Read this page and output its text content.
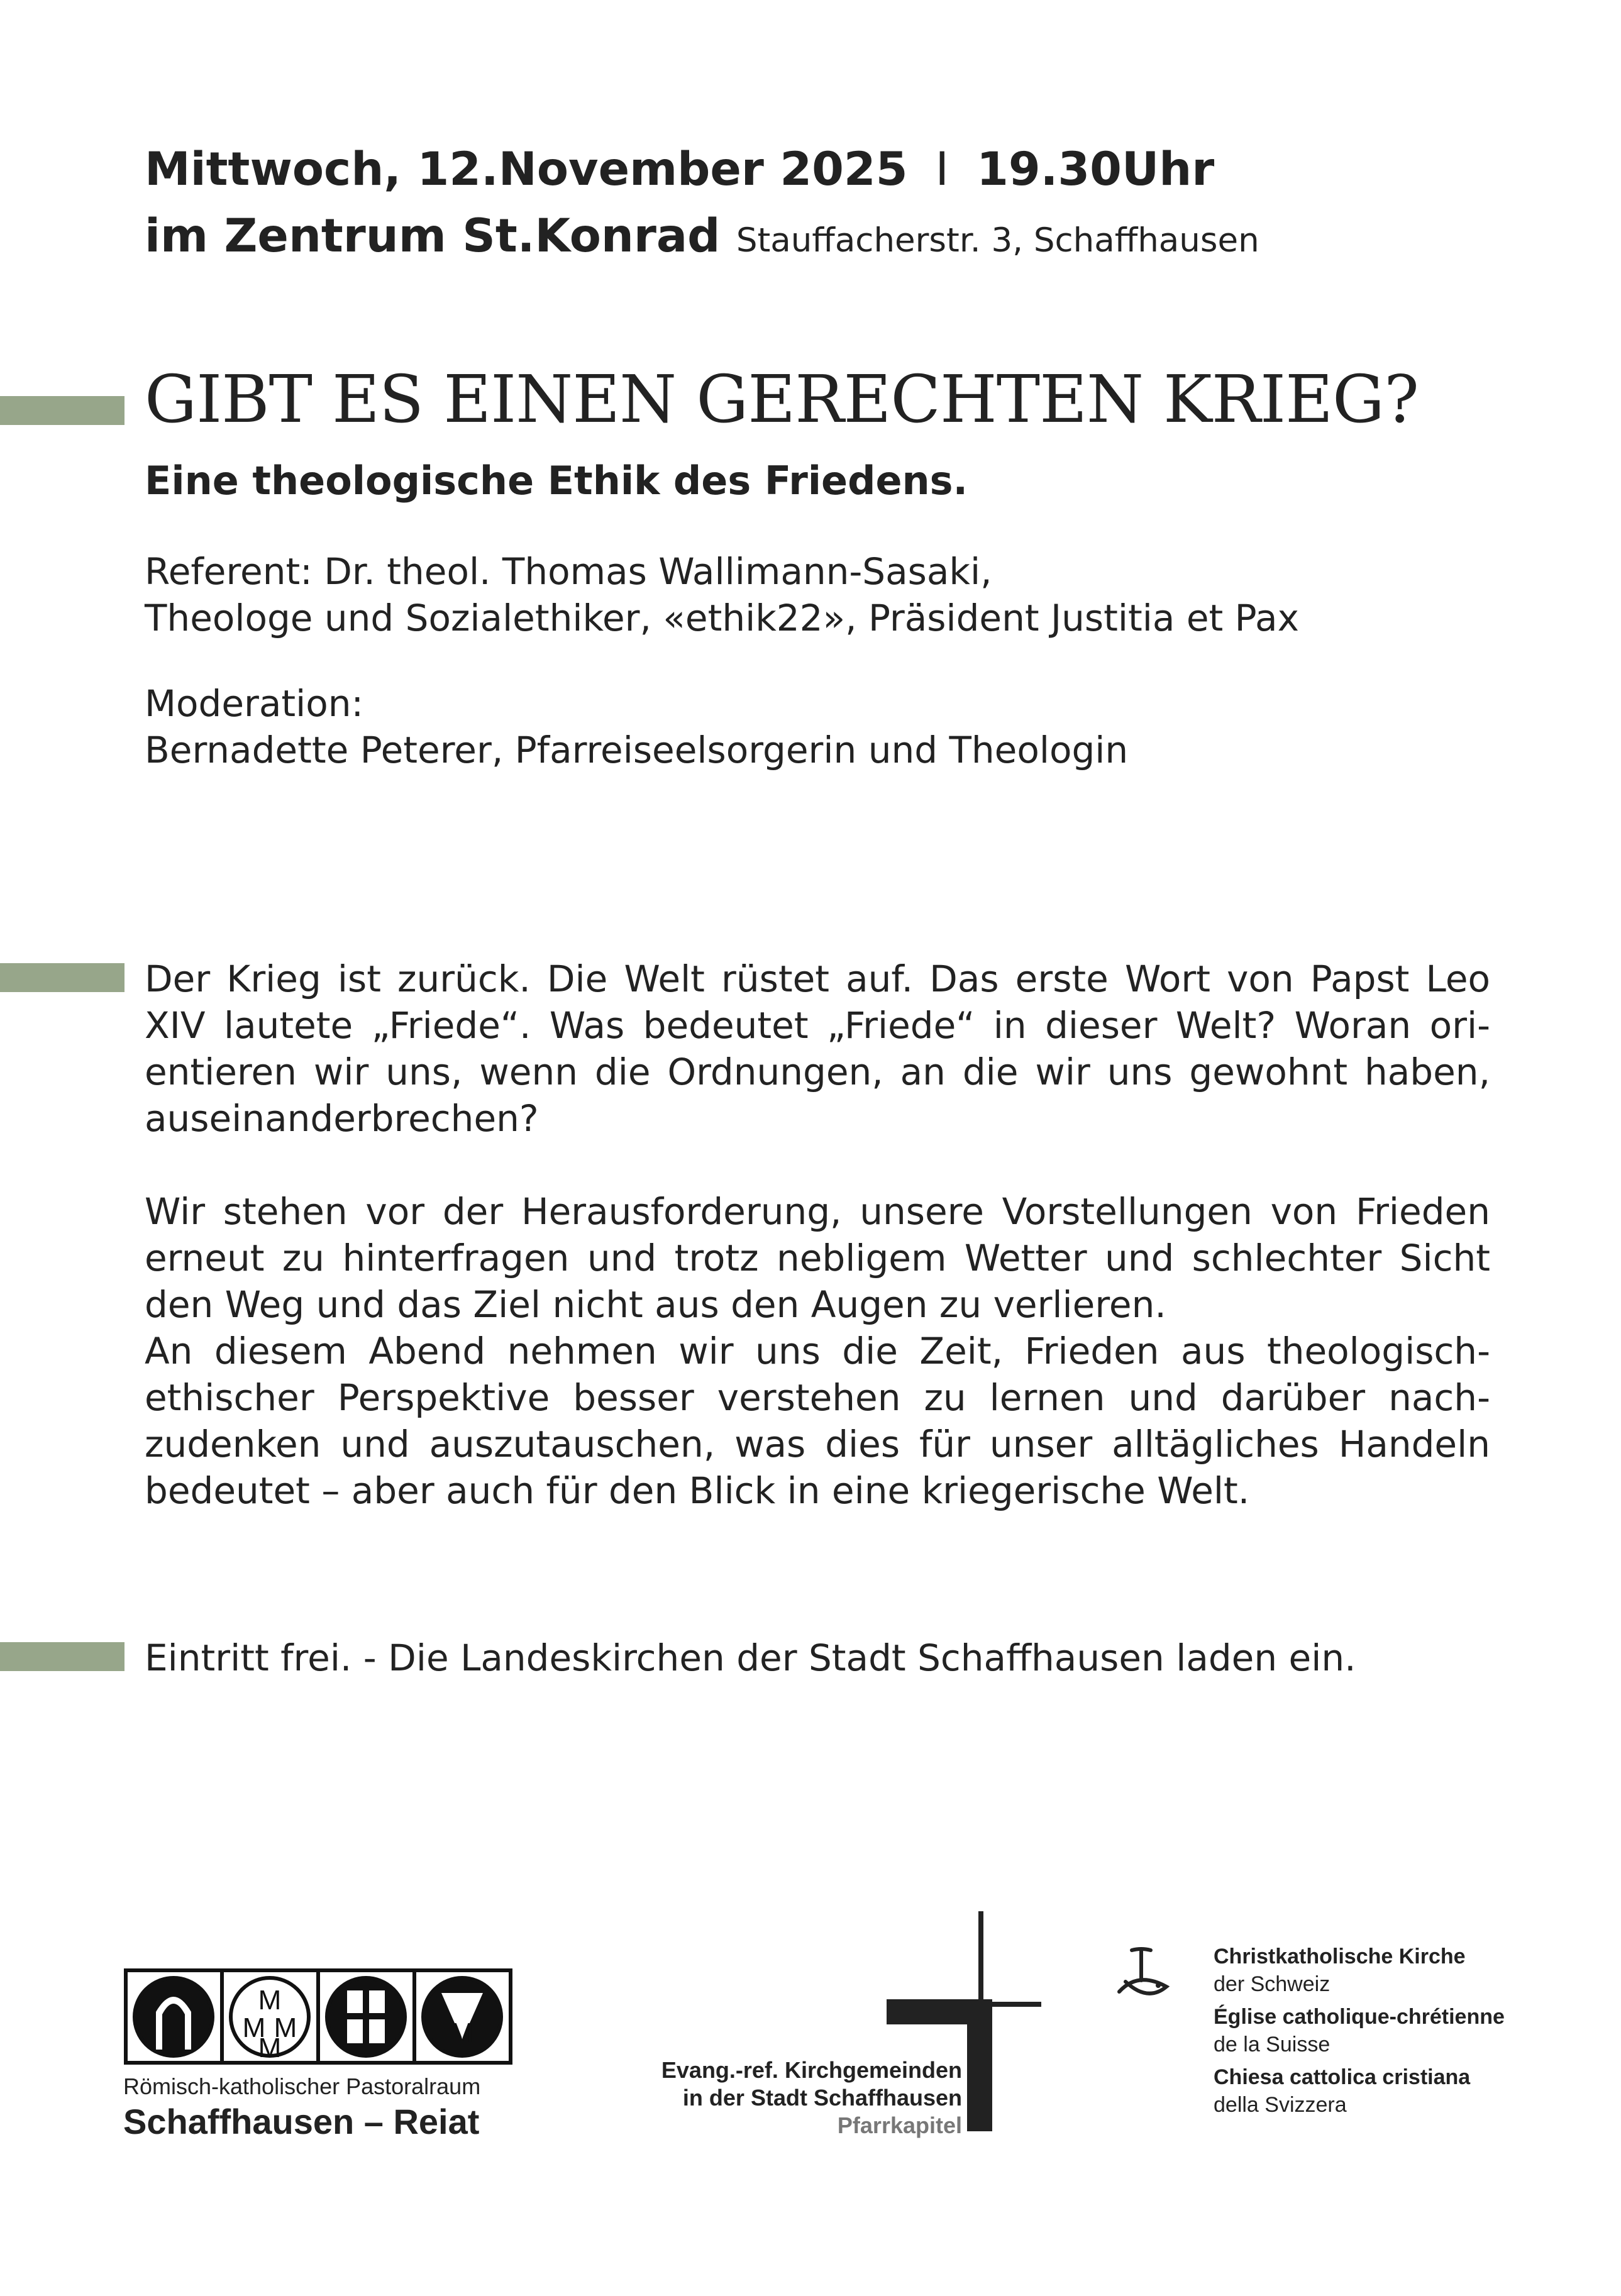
Mittwoch, 12.November 2025 I 19.30Uhr
im Zentrum St.Konrad Stauffacherstr. 3, Schaffhausen
GIBT ES EINEN GERECHTEN KRIEG?
Eine theologische Ethik des Friedens.
Referent: Dr. theol. Thomas Wallimann-Sasaki,
Theologe und Sozialethiker, «ethik22», Präsident Justitia et Pax
Moderation:
Bernadette Peterer, Pfarreiseelsorgerin und Theologin

Der Krieg ist zurück. Die Welt rüstet auf. Das erste Wort von Papst Leo XIV lautete „Friede“. Was bedeutet „Friede“ in dieser Welt? Woran orientieren wir uns, wenn die Ordnungen, an die wir uns gewohnt haben, auseinanderbrechen?

Wir stehen vor der Herausforderung, unsere Vorstellungen von Frieden erneut zu hinterfragen und trotz nebligem Wetter und schlechter Sicht den Weg und das Ziel nicht aus den Augen zu verlieren.

An diesem Abend nehmen wir uns die Zeit, Frieden aus theologisch-ethischer Perspektive besser verstehen zu lernen und darüber nachzudenken und auszutauschen, was dies für unser alltägliches Handeln bedeutet – aber auch für den Blick in eine kriegerische Welt.

Eintritt frei. - Die Landeskirchen der Stadt Schaffhausen laden ein.
M
M M
M	M
Römisch-katholischer Pastoralraum
Schaffhausen – Reiat
Evang.-ref. Kirchgemeinden
in der Stadt Schaffhausen
Pfarrkapitel
Christkatholische Kirche
der Schweiz
Église catholique-chrétienne
de la Suisse
Chiesa cattolica cristiana
della Svizzera
